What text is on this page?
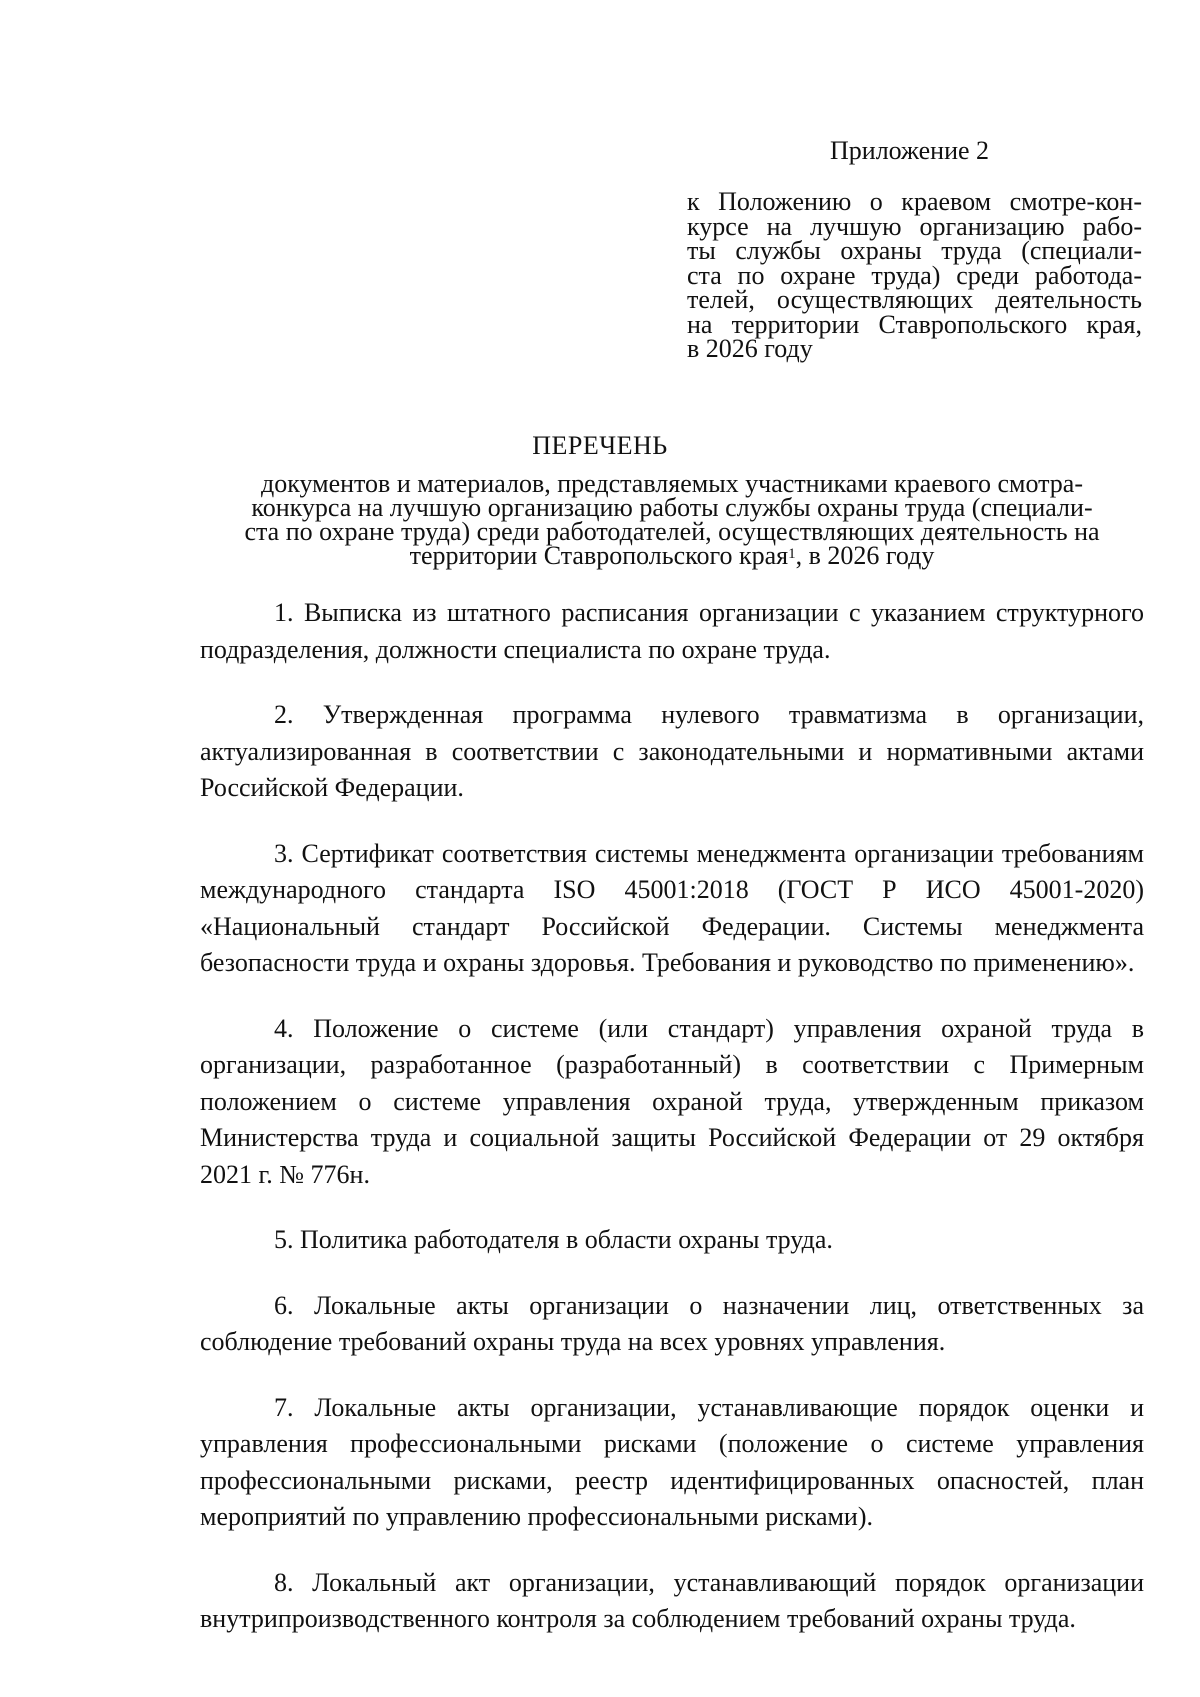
Приложение 2
к Положению о краевом смотре-кон-
курсе на лучшую организацию рабо-
ты службы охраны труда (специали-
ста по охране труда) среди работода-
телей, осуществляющих деятельность
на территории Ставропольского края,
в 2026 году
ПЕРЕЧЕНЬ
документов и материалов, представляемых участниками краевого смотра-
конкурса на лучшую организацию работы службы охраны труда (специали-
ста по охране труда) среди работодателей, осуществляющих деятельность на
территории Ставропольского края$^1$, в 2026 году

1. Выписка из штатного расписания организации с указанием структурного подразделения, должности специалиста по охране труда.

2. Утвержденная программа нулевого травматизма в организации, актуализированная в соответствии с законодательными и нормативными актами Российской Федерации.

3. Сертификат соответствия системы менеджмента организации требованиям международного стандарта ISO 45001:2018 (ГОСТ Р ИСО 45001-2020) «Национальный стандарт Российской Федерации. Системы менеджмента безопасности труда и охраны здоровья. Требования и руководство по применению».

4. Положение о системе (или стандарт) управления охраной труда в организации, разработанное (разработанный) в соответствии с Примерным положением о системе управления охраной труда, утвержденным приказом Министерства труда и социальной защиты Российской Федерации от 29 октября 2021 г. № 776н.

5. Политика работодателя в области охраны труда.

6. Локальные акты организации о назначении лиц, ответственных за соблюдение требований охраны труда на всех уровнях управления.

7. Локальные акты организации, устанавливающие порядок оценки и управления профессиональными рисками (положение о системе управления профессиональными рисками, реестр идентифицированных опасностей, план мероприятий по управлению профессиональными рисками).

8. Локальный акт организации, устанавливающий порядок организации внутрипроизводственного контроля за соблюдением требований охраны труда.
